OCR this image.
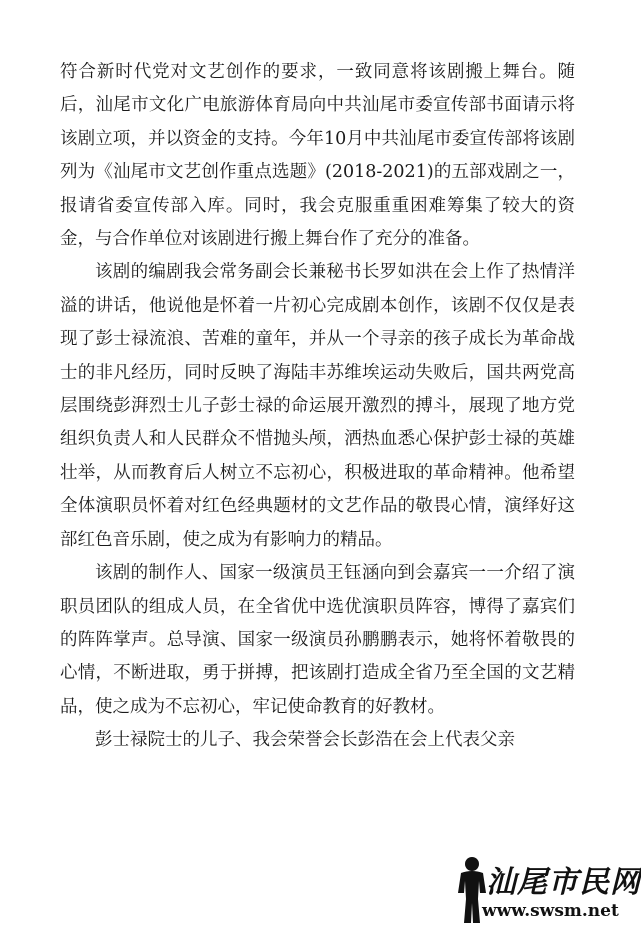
符合新时代党对文艺创作的要求，一致同意将该剧搬上舞台。随后，汕尾市文化广电旅游体育局向中共汕尾市委宣传部书面请示将该剧立项，并以资金的支持。今年10月中共汕尾市委宣传部将该剧列为《汕尾市文艺创作重点选题》(2018-2021)的五部戏剧之一，报请省委宣传部入库。同时，我会克服重重困难筹集了较大的资金，与合作单位对该剧进行搬上舞台作了充分的准备。

该剧的编剧我会常务副会长兼秘书长罗如洪在会上作了热情洋溢的讲话，他说他是怀着一片初心完成剧本创作，该剧不仅仅是表现了彭士禄流浪、苦难的童年，并从一个寻亲的孩子成长为革命战士的非凡经历，同时反映了海陆丰苏维埃运动失败后，国共两党高层围绕彭湃烈士儿子彭士禄的命运展开激烈的搏斗，展现了地方党组织负责人和人民群众不惜抛头颅，洒热血悉心保护彭士禄的英雄壮举，从而教育后人树立不忘初心，积极进取的革命精神。他希望全体演职员怀着对红色经典题材的文艺作品的敬畏心情，演绎好这部红色音乐剧，使之成为有影响力的精品。

该剧的制作人、国家一级演员王钰涵向到会嘉宾一一介绍了演职员团队的组成人员，在全省优中选优演职员阵容，博得了嘉宾们的阵阵掌声。总导演、国家一级演员孙鹏鹏表示，她将怀着敬畏的心情，不断进取，勇于拼搏，把该剧打造成全省乃至全国的文艺精品，使之成为不忘初心，牢记使命教育的好教材。

彭士禄院士的儿子、我会荣誉会长彭浩在会上代表父亲

汕尾市民网
www.swsm.net
